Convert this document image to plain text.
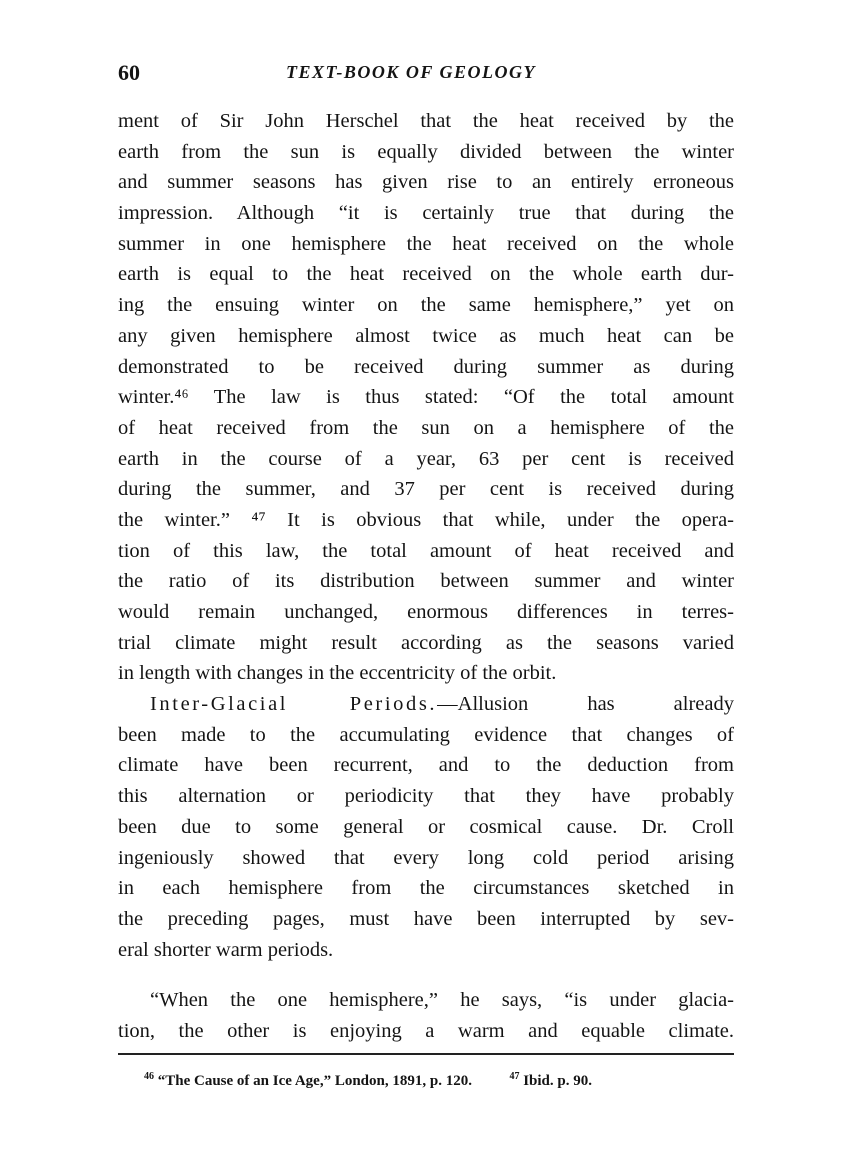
60	TEXT-BOOK OF GEOLOGY
ment of Sir John Herschel that the heat received by the
earth from the sun is equally divided between the winter
and summer seasons has given rise to an entirely erroneous
impression. Although “it is certainly true that during the
summer in one hemisphere the heat received on the whole
earth is equal to the heat received on the whole earth dur-
ing the ensuing winter on the same hemisphere,” yet on
any given hemisphere almost twice as much heat can be
demonstrated to be received during summer as during
winter.⁴⁶ The law is thus stated: “Of the total amount
of heat received from the sun on a hemisphere of the
earth in the course of a year, 63 per cent is received
during the summer, and 37 per cent is received during
the winter.” ⁴⁷ It is obvious that while, under the opera-
tion of this law, the total amount of heat received and
the ratio of its distribution between summer and winter
would remain unchanged, enormous differences in terres-
trial climate might result according as the seasons varied
in length with changes in the eccentricity of the orbit.
Inter-Glacial Periods.—Allusion has already
been made to the accumulating evidence that changes of
climate have been recurrent, and to the deduction from
this alternation or periodicity that they have probably
been due to some general or cosmical cause. Dr. Croll
ingeniously showed that every long cold period arising
in each hemisphere from the circumstances sketched in
the preceding pages, must have been interrupted by sev-
eral shorter warm periods.
“When the one hemisphere,” he says, “is under glacia-
tion, the other is enjoying a warm and equable climate.
$^{46}$ “The Cause of an Ice Age,” London, 1891, p. 120.	$^{47}$ Ibid. p. 90.
